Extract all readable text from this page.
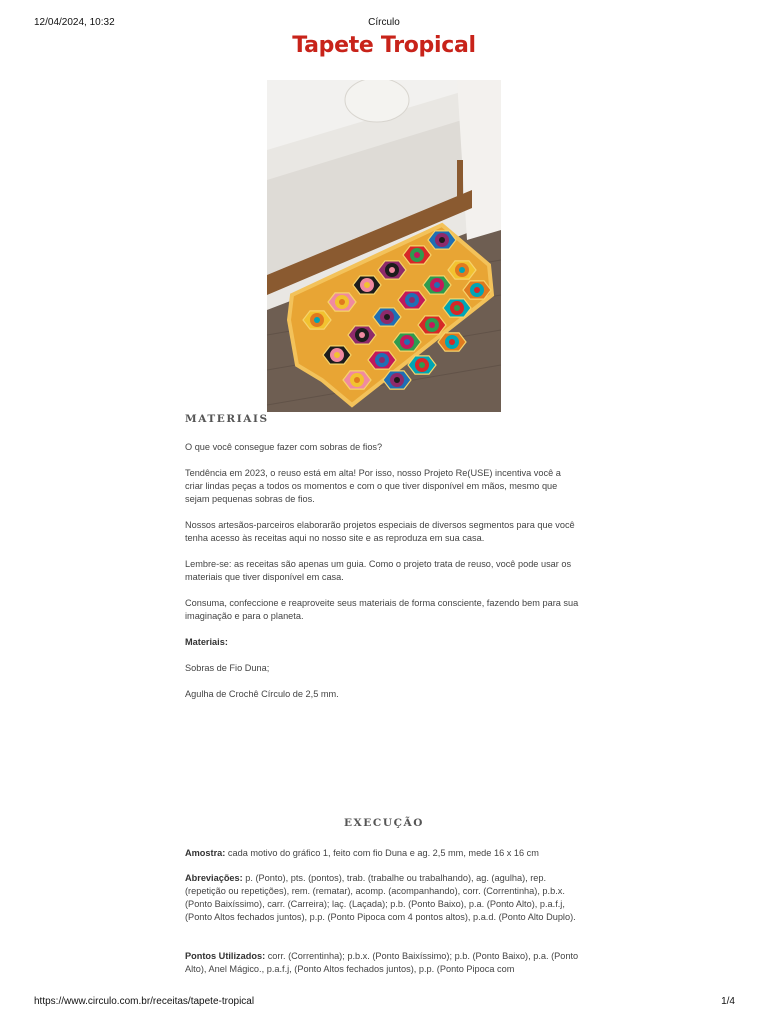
12/04/2024, 10:32	Círculo
Tapete Tropical
MATERIAIS

O que você consegue fazer com sobras de fios?

Tendência em 2023, o reuso está em alta! Por isso, nosso Projeto Re(USE) incentiva você a criar lindas peças a todos os momentos e com o que tiver disponível em mãos, mesmo que sejam pequenas sobras de fios.

Nossos artesãos-parceiros elaborarão projetos especiais de diversos segmentos para que você tenha acesso às receitas aqui no nosso site e as reproduza em sua casa.

Lembre-se: as receitas são apenas um guia. Como o projeto trata de reuso, você pode usar os materiais que tiver disponível em casa.

Consuma, confeccione e reaproveite seus materiais de forma consciente, fazendo bem para sua imaginação e para o planeta.

Materiais:

Sobras de Fio Duna;

Agulha de Crochê Círculo de 2,5 mm.

EXECUÇÃO

Amostra: cada motivo do gráfico 1, feito com fio Duna e ag. 2,5 mm, mede 16 x 16 cm

Abreviações: p. (Ponto), pts. (pontos), trab. (trabalhe ou trabalhando), ag. (agulha), rep. (repetição ou repetições), rem. (rematar), acomp. (acompanhando), corr. (Correntinha), p.b.x. (Ponto Baixíssimo), carr. (Carreira); laç. (Laçada); p.b. (Ponto Baixo), p.a. (Ponto Alto), p.a.f.j, (Ponto Altos fechados juntos), p.p. (Ponto Pipoca com 4 pontos altos), p.a.d. (Ponto Alto Duplo).

Pontos Utilizados: corr. (Correntinha); p.b.x. (Ponto Baixíssimo); p.b. (Ponto Baixo), p.a. (Ponto Alto), Anel Mágico., p.a.f.j, (Ponto Altos fechados juntos), p.p. (Ponto Pipoca com

https://www.circulo.com.br/receitas/tapete-tropical	1/4
